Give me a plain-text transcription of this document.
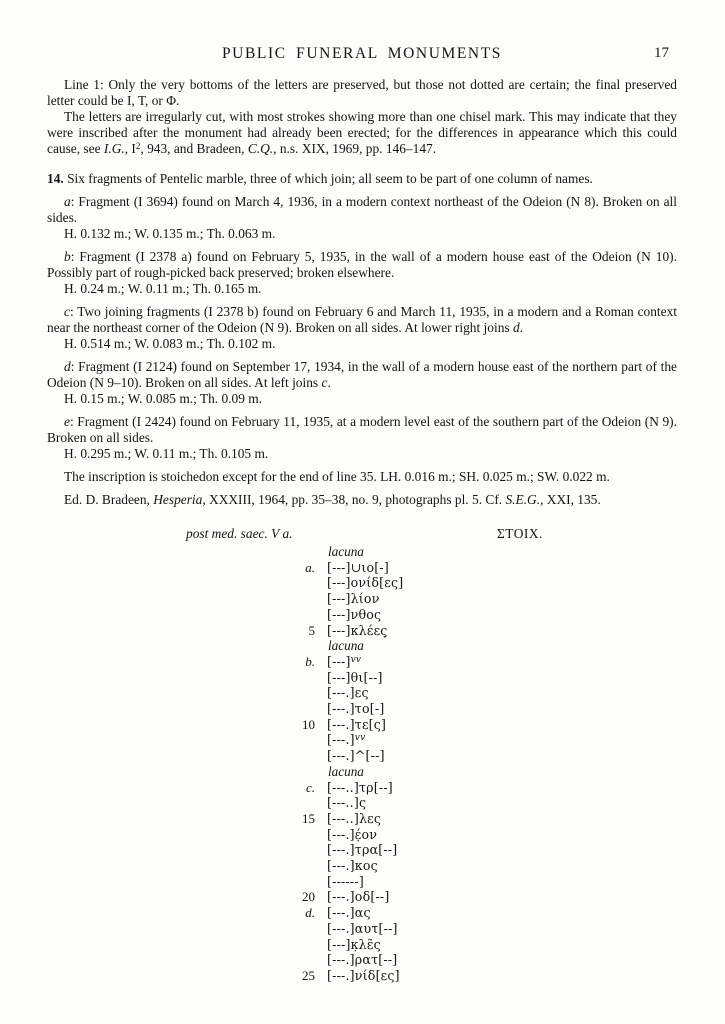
PUBLIC FUNERAL MONUMENTS	17

Line 1: Only the very bottoms of the letters are preserved, but those not dotted are certain; the final preserved letter could be Ι, Τ, or Φ.

The letters are irregularly cut, with most strokes showing more than one chisel mark. This may indicate that they were inscribed after the monument had already been erected; for the differences in appearance which this could cause, see I.G., $I^2$, 943, and Bradeen, C.Q., n.s. XIX, 1969, pp. 146–147.

14. Six fragments of Pentelic marble, three of which join; all seem to be part of one column of names.

a: Fragment (I 3694) found on March 4, 1936, in a modern context northeast of the Odeion (N 8). Broken on all sides.

H. 0.132 m.; W. 0.135 m.; Th. 0.063 m.

b: Fragment (I 2378 a) found on February 5, 1935, in the wall of a modern house east of the Odeion (N 10). Possibly part of rough-picked back preserved; broken elsewhere.

H. 0.24 m.; W. 0.11 m.; Th. 0.165 m.

c: Two joining fragments (I 2378 b) found on February 6 and March 11, 1935, in a modern and a Roman context near the northeast corner of the Odeion (N 9). Broken on all sides. At lower right joins d.

H. 0.514 m.; W. 0.083 m.; Th. 0.102 m.

d: Fragment (I 2124) found on September 17, 1934, in the wall of a modern house east of the northern part of the Odeion (N 9–10). Broken on all sides. At left joins c.

H. 0.15 m.; W. 0.085 m.; Th. 0.09 m.

e: Fragment (I 2424) found on February 11, 1935, at a modern level east of the southern part of the Odeion (N 9). Broken on all sides.

H. 0.295 m.; W. 0.11 m.; Th. 0.105 m.

The inscription is stoichedon except for the end of line 35. LH. 0.016 m.; SH. 0.025 m.; SW. 0.022 m.

Ed. D. Bradeen, Hesperia, XXXIII, 1964, pp. 35–38, no. 9, photographs pl. 5. Cf. S.E.G., XXI, 135.

post med. saec. V a.	ΣΤΟΙΧ.
lacuna
a. [---]∪ιο[-]
[---]ονίδ[ες]
[---]λίον
[---]νθος
5 [---]κλέες̣
lacuna
b. $[---]^{vv}$
[---]θι[--]
[---.]ες
[---.]το[-]
10 [---.]τε[ς]
[---.]$^{vv}$
[---.]^[--]
lacuna
c. [---..]τρ[--]
[---..]ς
15 [---..]λες
[---.]έ̣ον
[---.]τρα[--]
[---.]κος
[------]
20 [---.]οδ[--]
d. [---.]ας
[---.]αυτ[--]
[---]κ̣λε̃ς
[---.]ρατ[--]
25 [---.]νίδ[ες]
